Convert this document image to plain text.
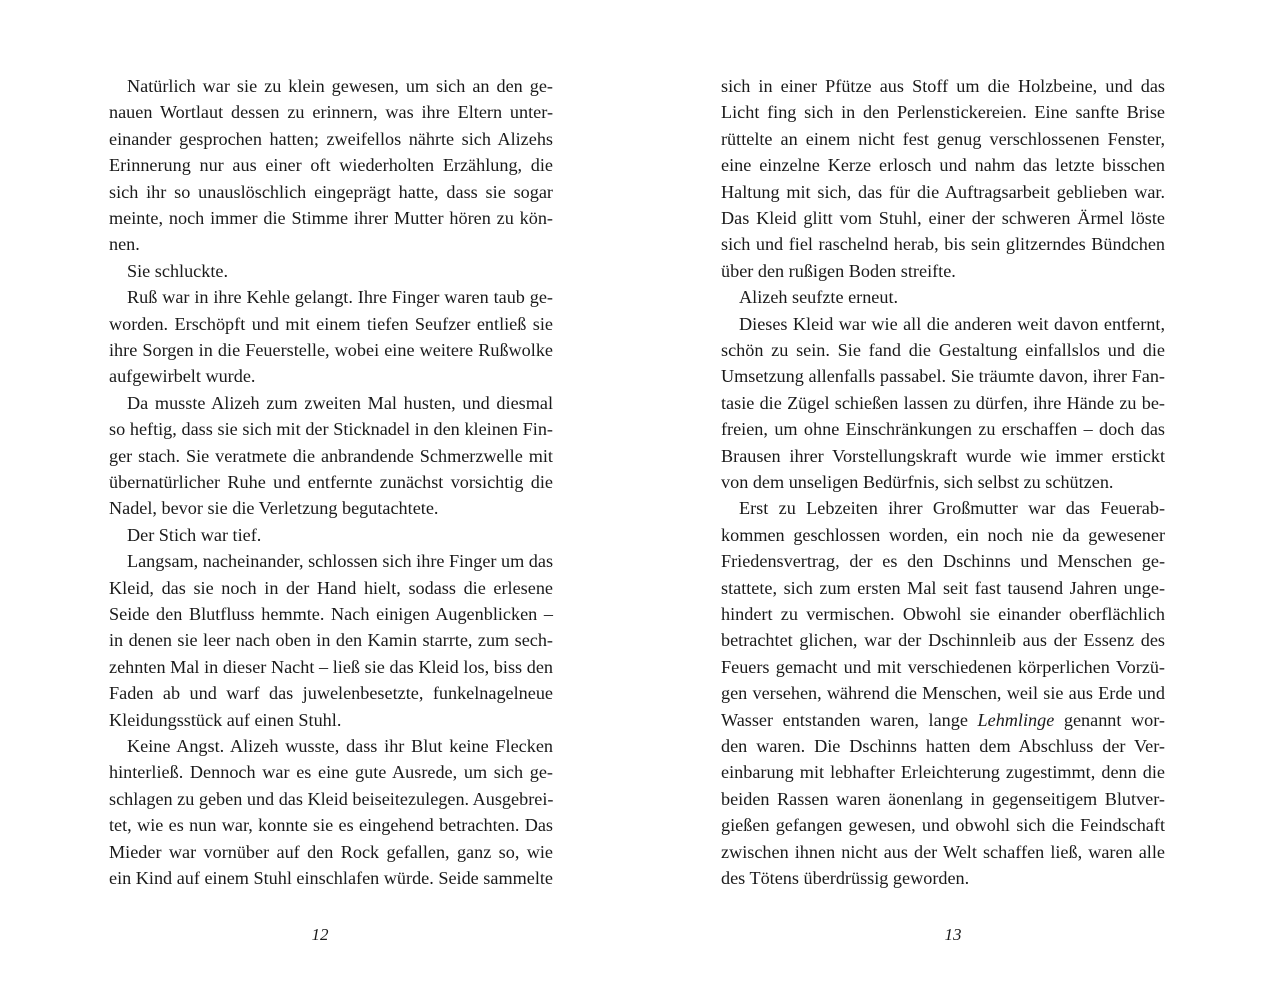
Natürlich war sie zu klein gewesen, um sich an den ge-
nauen Wortlaut dessen zu erinnern, was ihre Eltern unter-
einander gesprochen hatten; zweifellos nährte sich Alizehs
Erinnerung nur aus einer oft wiederholten Erzählung, die
sich ihr so unauslöschlich eingeprägt hatte, dass sie sogar
meinte, noch immer die Stimme ihrer Mutter hören zu kön-
nen.
Sie schluckte.
Ruß war in ihre Kehle gelangt. Ihre Finger waren taub ge-
worden. Erschöpft und mit einem tiefen Seufzer entließ sie
ihre Sorgen in die Feuerstelle, wobei eine weitere Rußwolke
aufgewirbelt wurde.
Da musste Alizeh zum zweiten Mal husten, und diesmal
so heftig, dass sie sich mit der Sticknadel in den kleinen Fin-
ger stach. Sie veratmete die anbrandende Schmerzwelle mit
übernatürlicher Ruhe und entfernte zunächst vorsichtig die
Nadel, bevor sie die Verletzung begutachtete.
Der Stich war tief.
Langsam, nacheinander, schlossen sich ihre Finger um das
Kleid, das sie noch in der Hand hielt, sodass die erlesene
Seide den Blutfluss hemmte. Nach einigen Augenblicken –
in denen sie leer nach oben in den Kamin starrte, zum sech-
zehnten Mal in dieser Nacht – ließ sie das Kleid los, biss den
Faden ab und warf das juwelenbesetzte, funkelnagelneue
Kleidungsstück auf einen Stuhl.
Keine Angst. Alizeh wusste, dass ihr Blut keine Flecken
hinterließ. Dennoch war es eine gute Ausrede, um sich ge-
schlagen zu geben und das Kleid beiseitezulegen. Ausgebrei-
tet, wie es nun war, konnte sie es eingehend betrachten. Das
Mieder war vornüber auf den Rock gefallen, ganz so, wie
ein Kind auf einem Stuhl einschlafen würde. Seide sammelte
sich in einer Pfütze aus Stoff um die Holzbeine, und das
Licht fing sich in den Perlenstickereien. Eine sanfte Brise
rüttelte an einem nicht fest genug verschlossenen Fenster,
eine einzelne Kerze erlosch und nahm das letzte bisschen
Haltung mit sich, das für die Auftragsarbeit geblieben war.
Das Kleid glitt vom Stuhl, einer der schweren Ärmel löste
sich und fiel raschelnd herab, bis sein glitzerndes Bündchen
über den rußigen Boden streifte.
Alizeh seufzte erneut.
Dieses Kleid war wie all die anderen weit davon entfernt,
schön zu sein. Sie fand die Gestaltung einfallslos und die
Umsetzung allenfalls passabel. Sie träumte davon, ihrer Fan-
tasie die Zügel schießen lassen zu dürfen, ihre Hände zu be-
freien, um ohne Einschränkungen zu erschaffen – doch das
Brausen ihrer Vorstellungskraft wurde wie immer erstickt
von dem unseligen Bedürfnis, sich selbst zu schützen.
Erst zu Lebzeiten ihrer Großmutter war das Feuerab-
kommen geschlossen worden, ein noch nie da gewesener
Friedensvertrag, der es den Dschinns und Menschen ge-
stattete, sich zum ersten Mal seit fast tausend Jahren unge-
hindert zu vermischen. Obwohl sie einander oberflächlich
betrachtet glichen, war der Dschinnleib aus der Essenz des
Feuers gemacht und mit verschiedenen körperlichen Vorzü-
gen versehen, während die Menschen, weil sie aus Erde und
Wasser entstanden waren, lange Lehmlinge genannt wor-
den waren. Die Dschinns hatten dem Abschluss der Ver-
einbarung mit lebhafter Erleichterung zugestimmt, denn die
beiden Rassen waren äonenlang in gegenseitigem Blutver-
gießen gefangen gewesen, und obwohl sich die Feindschaft
zwischen ihnen nicht aus der Welt schaffen ließ, waren alle
des Tötens überdrüssig geworden.
12	13
